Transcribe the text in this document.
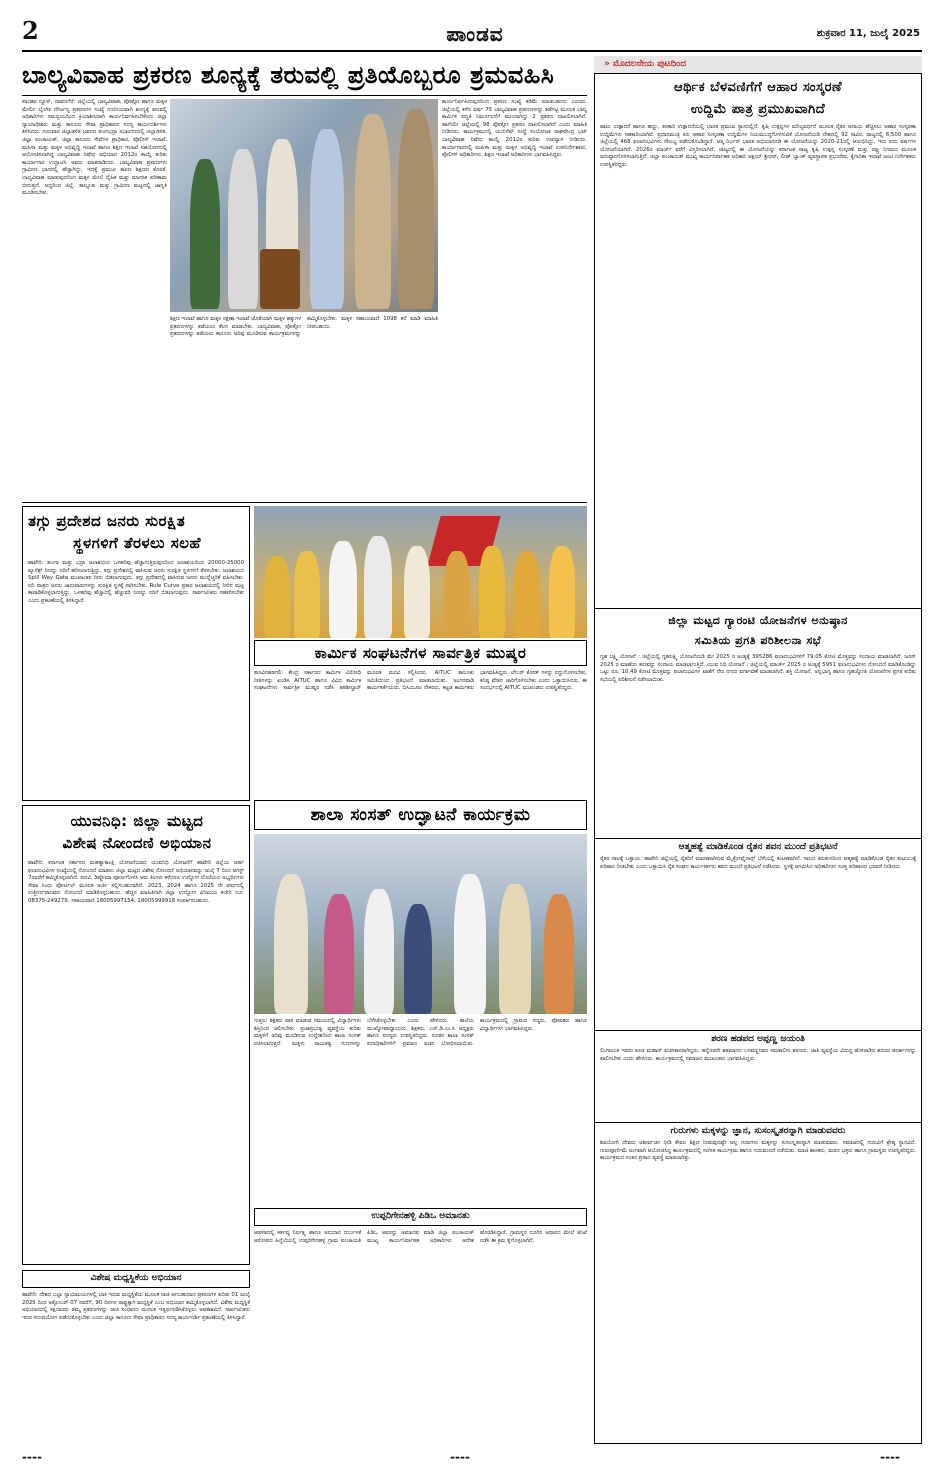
2	ಪಾಂಡವ	ಶುಕ್ರವಾರ 11, ಜುಲೈ 2025
ಬಾಲ್ಯವಿವಾಹ ಪ್ರಕರಣ ಶೂನ್ಯಕ್ಕೆ ತರುವಲ್ಲಿ ಪ್ರತಿಯೊಬ್ಬರೂ ಶ್ರಮವಹಿಸಿ
ಪಾಂಡವ ನ್ಯೂಸ್, ದಾವಣಗೆರೆ: ಜಿಲ್ಲೆಯಲ್ಲಿ ಬಾಲ್ಯವಿವಾಹ, ಪೋಕ್ಸೋ ಹಾಗೂ ಮಕ್ಕಳ ಮೇಲಿನ ಲೈಂಗಿಕ ದೌರ್ಜನ್ಯ ಪ್ರಕರಣಗಳ ಸಂಖ್ಯೆ ಗಣನೀಯವಾಗಿ ಶೂನ್ಯಕ್ಕೆ ತರುವಲ್ಲಿ ಅಧಿಕಾರಿಗಳು ಸಮನ್ವಯದಿಂದ ಕ್ರಿಯಾಶೀಲರಾಗಿ ಕಾರ್ಯನಿರ್ವಹಿಸಬೇಕೆಂದು ಜಿಲ್ಲಾ ನ್ಯಾಯಾಧೀಶರು ಮತ್ತು ಕಾನೂನು ಸೇವಾ ಪ್ರಾಧಿಕಾರದ ಸದಸ್ಯ ಕಾರ್ಯದರ್ಶಿಗಳು ತಿಳಿಸಿದರು. ಗುರುವಾರ ಜಿಲ್ಲಾಡಳಿತ ಭವನದ ತುಂಗಭದ್ರಾ ಸಭಾಂಗಣದಲ್ಲಿ ಜಿಲ್ಲಾಡಳಿತ, ಜಿಲ್ಲಾ ಪಂಚಾಯತ್, ಜಿಲ್ಲಾ ಕಾನೂನು ಸೇವೆಗಳ ಪ್ರಾಧಿಕಾರ, ಪೊಲೀಸ್ ಇಲಾಖೆ, ಮಹಿಳಾ ಮತ್ತು ಮಕ್ಕಳ ಅಭಿವೃದ್ಧಿ ಇಲಾಖೆ ಹಾಗೂ ಶಿಕ್ಷಣ ಇಲಾಖೆ ಸಹಯೋಗದಲ್ಲಿ ಆಯೋಜಿಸಲಾಗಿದ್ದ ಬಾಲ್ಯವಿವಾಹ ನಿಷೇಧ ಅಭಿಯಾನ 2012ರ ಕಾಯ್ದೆ ಕುರಿತು ಕಾರ್ಯಾಗಾರ ಉದ್ಘಾಟಿಸಿ ಅವರು ಮಾತನಾಡಿದರು. ಬಾಲ್ಯವಿವಾಹ ಪ್ರಕರಣಗಳು ಗ್ರಾಮೀಣ ಭಾಗದಲ್ಲಿ ಹೆಚ್ಚಾಗಿದ್ದು, ಇದಕ್ಕೆ ಪ್ರಮುಖ ಕಾರಣ ಶಿಕ್ಷಣದ ಕೊರತೆ. ಬಾಲ್ಯವಿವಾಹ ಮಾಡುವುದರಿಂದ ಮಕ್ಕಳ ಮೇಲೆ ದೈಹಿಕ ಮತ್ತು ಮಾನಸಿಕ ಪರಿಣಾಮ ಬೀರುತ್ತದೆ. ಅದ್ದರಿಂದ ಜಿಲ್ಲೆ, ತಾಲ್ಲೂಕು ಮತ್ತು ಗ್ರಾಮೀಣ ಮಟ್ಟದಲ್ಲಿ ಜಾಗೃತಿ ಮೂಡಿಸಬೇಕು.
ಶಿಕ್ಷಣ ಇಲಾಖೆ ಹಾಗೂ ಮಕ್ಕಳ ರಕ್ಷಣಾ ಇಲಾಖೆ ಜೊತೆಯಾಗಿ ಮಕ್ಕಳ ಹಕ್ಕುಗಳ ಪ್ರಕರಣಗಳನ್ನು ತಡೆಯಲು ಕೆಲಸ ಮಾಡಬೇಕು. ಬಾಲ್ಯವಿವಾಹ, ಪೋಕ್ಸೋ ಪ್ರಕರಣಗಳನ್ನು ತಡೆಯಲು ಕಾನೂನು ಅರಿವು ಮೂಡಿಸುವ ಕಾರ್ಯಕ್ರಮಗಳನ್ನು ಹಮ್ಮಿಕೊಳ್ಳಬೇಕು. ಮಕ್ಕಳ ಸಹಾಯವಾಣಿ 1098 ಕರೆ ಮಾಡಿ ಮಾಹಿತಿ ನೀಡಬಹುದು.
ಕಾರ್ಯನಿರ್ವಹಿಸುವುದರಿಂದ ಪ್ರಕರಣ ಸಂಖ್ಯೆ ಕಡಿಮೆ ಮಾಡಬಹುದು ಎಂದರು. ಜಿಲ್ಲೆಯಲ್ಲಿ ಕಳೆದ ವರ್ಷ 75 ಬಾಲ್ಯವಿವಾಹ ಪ್ರಕರಣಗಳನ್ನು ತಡೆಗಟ್ಟಿ ಮೂಲಕ ಬಾಲ್ಯ ಕಾರ್ಮಿಕ ಪದ್ಧತಿ ನಿರ್ಮೂಲನೆಗೆ ಮುಂದಾಗಿದ್ದು 2 ಪ್ರಕರಣ ದಾಖಲಿಸಲಾಗಿದೆ. ಹಾಗೆಯೇ ಜಿಲ್ಲೆಯಲ್ಲಿ 98 ಪೋಕ್ಸೋ ಪ್ರಕರಣ ದಾಖಲಿಸಲಾಗಿದೆ ಎಂದು ಮಾಹಿತಿ ನೀಡಿದರು. ಕಾರ್ಯಕ್ರಮದಲ್ಲಿ ಯುನಿಸೆಫ್ ಸಂಸ್ಥೆ ಸಂಯೋಜಕ ರಾಘವೇಂದ್ರ ಭಟ್ ಬಾಲ್ಯವಿವಾಹ ನಿಷೇಧ ಕಾಯ್ದೆ 2012ರ ಕುರಿತು ಉಪನ್ಯಾಸ ನೀಡಿದರು. ಕಾರ್ಯಾಗಾರದಲ್ಲಿ ಮಹಿಳಾ ಮತ್ತು ಮಕ್ಕಳ ಅಭಿವೃದ್ಧಿ ಇಲಾಖೆ ಉಪನಿರ್ದೇಶಕರು, ಪೊಲೀಸ್ ಅಧಿಕಾರಿಗಳು, ಶಿಕ್ಷಣ ಇಲಾಖೆ ಅಧಿಕಾರಿಗಳು ಭಾಗವಹಿಸಿದ್ದರು.
ತಗ್ಗು ಪ್ರದೇಶದ ಜನರು ಸುರಕ್ಷಿತ
ಸ್ಥಳಗಳಿಗೆ ತೆರಳಲು ಸಲಹೆ
ಹಾವೇರಿ: ತುಂಗಾ ಮತ್ತು ಭದ್ರಾ ಜಲಾಶಯದ ಒಳಹರಿವು ಹೆಚ್ಚಾಗುತ್ತಿರುವುದರಿಂದ ಜಲಾಶಯದಿಂದ 20000-25000 ಕ್ಯೂಸೆಕ್ಸ್ ನೀರನ್ನು ನದಿಗೆ ಹರಿಸಲಾಗುತ್ತಿದ್ದು, ತಗ್ಗು ಪ್ರದೇಶದಲ್ಲಿ ವಾಸಿಸುವ ಜನರು ಸುರಕ್ಷಿತ ಸ್ಥಳಗಳಿಗೆ ತೆರಳಬೇಕು. ಜಲಾಶಯದ Spill Way Gate ಮುಖಾಂತರ ನೀರು ಬಿಡಲಾಗುವುದು. ತಗ್ಗು ಪ್ರದೇಶದಲ್ಲಿ ವಾಸಿಸುವ ಜನರು ಮುನ್ನೆಚ್ಚರಿಕೆ ವಹಿಸಬೇಕು. ನದಿ ಪಾತ್ರದ ಜನರು ಜಾನುವಾರುಗಳನ್ನು ಸುರಕ್ಷಿತ ಸ್ಥಳಕ್ಕೆ ಸಾಗಿಸಬೇಕು. Rule Curve ಪ್ರಕಾರ ಜಲಾಶಯದಲ್ಲಿ ನೀರಿನ ಮಟ್ಟ ಕಾಪಾಡಿಕೊಳ್ಳಲಾಗುತ್ತಿದ್ದು, ಒಳಹರಿವು ಹೆಚ್ಚಾದಲ್ಲಿ ಹೆಚ್ಚುವರಿ ನೀರನ್ನು ನದಿಗೆ ಬಿಡಲಾಗುವುದು. ಸಾರ್ವಜನಿಕರು ಸಹಕರಿಸಬೇಕು ಎಂದು ಪ್ರಕಟಣೆಯಲ್ಲಿ ತಿಳಿಸಿದ್ದಾರೆ.
ಕಾರ್ಮಿಕ ಸಂಘಟನೆಗಳ ಸಾರ್ವತ್ರಿಕ ಮುಷ್ಕರ
ಹೂವಿನಹಡಗಲಿ: ಕೇಂದ್ರ ಸರ್ಕಾರದ ಕಾರ್ಮಿಕ ವಿರೋಧಿ ನೀತಿಗಳನ್ನು ಖಂಡಿಸಿ AITUC ಹಾಗೂ ವಿವಿಧ ಕಾರ್ಮಿಕ ಸಂಘಟನೆಗಳು ಸಾರ್ವತ್ರಿಕ ಮುಷ್ಕರ ನಡೆಸಿ ತಹಶೀಲ್ದಾರ್ ಮೂಲಕ ಮನವಿ ಸಲ್ಲಿಸಿದರು. AITUC ತಾಲೂಕು ಸಮಿತಿಯಿಂದ ಪ್ರತಿಭಟನೆ ಮಾಡಲಾಯಿತು. ಅಂಗನವಾಡಿ ಕಾರ್ಯಕರ್ತೆಯರು, ಬಿಸಿಯೂಟ ನೌಕರರು, ಕಟ್ಟಡ ಕಾರ್ಮಿಕರು ಭಾಗವಹಿಸಿದ್ದರು. ಲೇಬರ್ ಕೋಡ್ ಗಳನ್ನು ರದ್ದುಗೊಳಿಸಬೇಕು, ಕನಿಷ್ಠ ವೇತನ ಜಾರಿಗೊಳಿಸಬೇಕು ಎಂದು ಒತ್ತಾಯಿಸಿದರು. ಈ ಸಂದರ್ಭದಲ್ಲಿ AITUC ಮುಖಂಡರು ಉಪಸ್ಥಿತರಿದ್ದರು.
ಯುವನಿಧಿ: ಜಿಲ್ಲಾ ಮಟ್ಟದ
ವಿಶೇಷ ನೋಂದಣಿ ಅಭಿಯಾನ
ಹಾವೇರಿ: ಕರ್ನಾಟಕ ಸರ್ಕಾರದ ಮಹತ್ವಾಕಾಂಕ್ಷಿ ಯೋಜನೆಯಾದ ಯುವನಿಧಿ ಯೋಜನೆಗೆ ಹಾವೇರಿ ಜಿಲ್ಲೆಯ ಅರ್ಹ ಫಲಾನುಭವಿಗಳ ಸಂಖ್ಯೆಯಲ್ಲಿ ನೋಂದಣಿ ಮಾಡಲು ಜಿಲ್ಲಾ ಮಟ್ಟದ ವಿಶೇಷ ನೋಂದಣಿ ಅಭಿಯಾನವನ್ನು ಜುಲೈ 7 ರಿಂದ ಆಗಸ್ಟ್ 7ರವರೆಗೆ ಹಮ್ಮಿಕೊಳ್ಳಲಾಗಿದೆ. ಪದವಿ, ಡಿಪ್ಲೊಮಾ ಪೂರ್ಣಗೊಳಿಸಿ ಆರು ತಿಂಗಳು ಕಳೆದರೂ ಉದ್ಯೋಗ ದೊರೆಯದ ಅಭ್ಯರ್ಥಿಗಳು ಸೇವಾ ಸಿಂಧು ಪೋರ್ಟಲ್ ಮೂಲಕ ಅರ್ಜಿ ಸಲ್ಲಿಸಬಹುದಾಗಿದೆ. 2023, 2024 ಹಾಗೂ 2025 ನೇ ವರ್ಷದಲ್ಲಿ ಉತ್ತೀರ್ಣರಾದವರು ನೋಂದಣಿ ಮಾಡಿಕೊಳ್ಳಬಹುದು. ಹೆಚ್ಚಿನ ಮಾಹಿತಿಗಾಗಿ ಜಿಲ್ಲಾ ಉದ್ಯೋಗ ವಿನಿಮಯ ಕಚೇರಿ ದೂ: 08375-249279, ಸಹಾಯವಾಣಿ 18005997154, 18005999918 ಸಂಪರ್ಕಿಸಬಹುದು.
ವಿಶೇಷ ಮಧ್ಯಸ್ಥಿಕೆಯ ಅಭಿಯಾನ
ಹಾವೇರಿ: ದೇಶದ ಎಲ್ಲಾ ನ್ಯಾಯಾಲಯಗಳಲ್ಲಿ ಬಾಕಿ ಇರುವ ಮಧ್ಯಸ್ಥಿಕೆಯ ಮೂಲಕ ರಾಜಿ ಆಗಬಹುದಾದ ಪ್ರಕರಣಗಳ ಕುರಿತು 01 ಜುಲೈ 2025 ರಿಂದ ಅಕ್ಟೋಬರ್ 07 ರವರೆಗೆ, 90 ದಿನಗಳ ರಾಷ್ಟ್ರಕ್ಕಾಗಿ ಮಧ್ಯಸ್ಥಿಕೆ ಎಂಬ ಅಭಿಯಾನ ಹಮ್ಮಿಕೊಳ್ಳಲಾಗಿದೆ. ವಿಶೇಷ ಮಧ್ಯಸ್ಥಿಕೆ ಅಭಿಯಾನದಲ್ಲಿ ಕಕ್ಷಿದಾರರು ತಮ್ಮ ಪ್ರಕರಣಗಳನ್ನು ರಾಜಿ ಸಂಧಾನದ ಮೂಲಕ ಇತ್ಯರ್ಥಪಡಿಸಿಕೊಳ್ಳಲು ಅವಕಾಶವಿದೆ. ಸಾರ್ವಜನಿಕರು ಇದರ ಸದುಪಯೋಗ ಪಡೆದುಕೊಳ್ಳಬೇಕು ಎಂದು ಜಿಲ್ಲಾ ಕಾನೂನು ಸೇವಾ ಪ್ರಾಧಿಕಾರದ ಸದಸ್ಯ ಕಾರ್ಯದರ್ಶಿ ಪ್ರಕಟಣೆಯಲ್ಲಿ ತಿಳಿಸಿದ್ದಾರೆ.
ಶಾಲಾ ಸಂಸತ್ ಉದ್ಘಾಟನೆ ಕಾರ್ಯಕ್ರಮ
ಗುತ್ತಲ: ಶಿಕ್ಷಕರು ಪಾಠ ಮಾಡುವ ಸಮಯದಲ್ಲಿ ವಿದ್ಯಾರ್ಥಿಗಳು ಶಿಸ್ತಿನಿಂದ ಆಲಿಸಬೇಕು. ಪ್ರಜಾಪ್ರಭುತ್ವ ವ್ಯವಸ್ಥೆಯ ಕುರಿತು ಮಕ್ಕಳಿಗೆ ಅರಿವು ಮೂಡಿಸುವ ಉದ್ದೇಶದಿಂದ ಶಾಲಾ ಸಂಸತ್ ರಚಿಸಲಾಗುತ್ತದೆ. ಮಕ್ಕಳು ನಾಯಕತ್ವ ಗುಣಗಳನ್ನು ಬೆಳೆಸಿಕೊಳ್ಳಬೇಕು ಎಂದು ಹೇಳಿದರು. ಶಾಲೆಯ ಮುಖ್ಯೋಪಾಧ್ಯಾಯರು, ಶಿಕ್ಷಕರು, ಎಸ್.ಡಿ.ಎಂ.ಸಿ ಅಧ್ಯಕ್ಷರು ಹಾಗೂ ಸದಸ್ಯರು ಉಪಸ್ಥಿತರಿದ್ದರು. ನೂತನ ಶಾಲಾ ಸಂಸತ್ ಪದಾಧಿಕಾರಿಗಳಿಗೆ ಪ್ರಮಾಣ ವಚನ ಬೋಧಿಸಲಾಯಿತು. ಕಾರ್ಯಕ್ರಮದಲ್ಲಿ ಗ್ರಾಮದ ಗಣ್ಯರು, ಪೋಷಕರು ಹಾಗೂ ವಿದ್ಯಾರ್ಥಿಗಳು ಭಾಗವಹಿಸಿದ್ದರು.
ಉಪ್ಪರಿಗೇನಹಳ್ಳಿ ಪಿಡಿಒ ಅಮಾನತು
ಆಡಳಿತದಲ್ಲಿ ಕರ್ತವ್ಯ ನಿರ್ಲಕ್ಷ್ಯ ಹಾಗೂ ಅನುದಾನ ದುರ್ಬಳಕೆ ಆರೋಪದ ಹಿನ್ನೆಲೆಯಲ್ಲಿ ಉಪ್ಪರಿಗೇನಹಳ್ಳಿ ಗ್ರಾಮ ಪಂಚಾಯತಿ ಪಿಡಿಒ ಅವರನ್ನು ಅಮಾನತು ಮಾಡಿ ಜಿಲ್ಲಾ ಪಂಚಾಯತ್ ಮುಖ್ಯ ಕಾರ್ಯನಿರ್ವಾಹಕ ಅಧಿಕಾರಿಗಳು ಆದೇಶ ಹೊರಡಿಸಿದ್ದಾರೆ. ಗ್ರಾಮಸ್ಥರ ದೂರಿನ ಆಧಾರದ ಮೇಲೆ ತನಿಖೆ ನಡೆಸಿ ಈ ಕ್ರಮ ಕೈಗೊಳ್ಳಲಾಗಿದೆ.
» ಮೊದಲನೇಯ ಪುಟದಿಂದ
ಆರ್ಥಿಕ ಬೆಳವಣಿಗೆಗೆ ಆಹಾರ ಸಂಸ್ಕರಣೆ
ಉದ್ದಿಮೆ ಪಾತ್ರ ಪ್ರಮುಖವಾಗಿದೆ
ಹಾಲು ಉತ್ಪಾದನೆ ಹಾಗೂ ಹಣ್ಣು, ತರಕಾರಿ ಉತ್ಪಾದನೆಯಲ್ಲಿ ಭಾರತ ಪ್ರಮುಖ ಸ್ಥಾನದಲ್ಲಿದೆ. ಕೃಷಿ ಉತ್ಪನ್ನಗಳ ಮೌಲ್ಯವರ್ಧನೆ ಮೂಲಕ ರೈತರ ಆದಾಯ ಹೆಚ್ಚಿಸಲು ಆಹಾರ ಸಂಸ್ಕರಣಾ ಉದ್ದಿಮೆಗಳು ಸಹಕಾರಿಯಾಗಿವೆ. ಪ್ರಧಾನಮಂತ್ರಿ ಕಿರು ಆಹಾರ ಸಂಸ್ಕರಣಾ ಉದ್ದಿಮೆಗಳ ನಿಯಮಬದ್ಧಗೊಳಿಸುವಿಕೆ ಯೋಜನೆಯಡಿ ದೇಶದಲ್ಲಿ 92 ಸಾವಿರ, ರಾಜ್ಯದಲ್ಲಿ 6,500 ಹಾಗೂ ಜಿಲ್ಲೆಯಲ್ಲಿ 468 ಫಲಾನುಭವಿಗಳು ಸೌಲಭ್ಯ ಪಡೆದುಕೊಂಡಿದ್ದಾರೆ. ಆತ್ಮ ನಿರ್ಭರ್ ಭಾರತ ಅಭಿಯಾನದಡಿ ಈ ಯೋಜನೆಯನ್ನು 2020-21ರಲ್ಲಿ ಆರಂಭಿಸಿದ್ದು, ಇದು ಐದು ವರ್ಷಗಳ ಯೋಜನೆಯಾಗಿದೆ. 2026ರ ಮಾರ್ಚ್ ವರೆಗೆ ವಿಸ್ತರಿಸಲಾಗಿದೆ. ರಾಜ್ಯದಲ್ಲಿ ಈ ಯೋಜನೆಯನ್ನು ಕರ್ನಾಟಕ ರಾಜ್ಯ ಕೃಷಿ ಉತ್ಪನ್ನ ಸಂಸ್ಕರಣೆ ಮತ್ತು ರಫ್ತು ನಿಗಮದ ಮೂಲಕ ಅನುಷ್ಠಾನಗೊಳಿಸಲಾಗುತ್ತಿದೆ. ಜಿಲ್ಲಾ ಪಂಚಾಯತ್ ಮುಖ್ಯ ಕಾರ್ಯನಿರ್ವಾಹಕ ಅಧಿಕಾರಿ ಅಕ್ಷಯ್ ಶ್ರೀಧರ್, ಲೀಡ್ ಬ್ಯಾಂಕ್ ವ್ಯವಸ್ಥಾಪಕ ಪ್ರಭುದೇವ, ಕೈಗಾರಿಕಾ ಇಲಾಖೆ ಜಂಟಿ ನಿರ್ದೇಶಕರು ಉಪಸ್ಥಿತರಿದ್ದರು.
ಜಿಲ್ಲಾ ಮಟ್ಟದ ಗ್ಯಾರಂಟಿ ಯೋಜನೆಗಳ ಅನುಷ್ಠಾನ
ಸಮಿತಿಯ ಪ್ರಗತಿ ಪರಿಶೀಲನಾ ಸಭೆ
ಗೃಹ ಲಕ್ಷ್ಮಿ ಯೋಜನೆ : ಜಿಲ್ಲೆಯಲ್ಲಿ ಗೃಹಲಕ್ಷ್ಮಿ ಯೋಜನೆಯಡಿ ಮೇ 2025 ರ ಅಂತ್ಯಕ್ಕೆ 395286 ಫಲಾನುಭವಿಗಳಿಗೆ 79.05 ಕೋಟಿ ಮೊತ್ತವನ್ನು ಸಂದಾಯ ಮಾಡಲಾಗಿದೆ. ಜೂನ್ 2025 ರ ಮಾಹೆಯ ಹಣವನ್ನು ಸಂದಾಯ ಮಾಡಲಾಗುತ್ತಿದೆ. ಯುವ ನಿಧಿ ಯೋಜನೆ : ಜಿಲ್ಲೆಯಲ್ಲಿ ಮಾರ್ಚ್ 2025 ರ ಅಂತ್ಯಕ್ಕೆ 5951 ಫಲಾನುಭವಿಗಳು ನೋಂದಣಿ ಮಾಡಿಕೊಂಡಿದ್ದು ಒಟ್ಟು ರೂ. 10.49 ಕೋಟಿ ಮೊತ್ತವನ್ನು ಫಲಾನುಭವಿಗಳ ಖಾತೆಗೆ ನೇರ ನಗದು ವರ್ಗಾವಣೆ ಮಾಡಲಾಗಿದೆ. ಶಕ್ತಿ ಯೋಜನೆ, ಅನ್ನಭಾಗ್ಯ ಹಾಗೂ ಗೃಹಜ್ಯೋತಿ ಯೋಜನೆಗಳ ಪ್ರಗತಿ ಕುರಿತು ಸಭೆಯಲ್ಲಿ ಪರಿಶೀಲನೆ ನಡೆಸಲಾಯಿತು.
ಆತ್ಮಹತ್ಯೆ ಮಾಡಿಕೊಂಡ ರೈತನ ಶವನ ಮುಂದೆ ಪ್ರತಿಭಟನೆ
ರೈತರ ಸಾಲಕ್ಕೆ ಒತ್ತಾಯ: ಹಾವೇರಿ ಜಿಲ್ಲೆಯಲ್ಲಿ ರೈತರಿಗೆ ಮಾರಕವಾಗಿರುವ ಮೈಕ್ರೋಫೈನಾನ್ಸ್ ಬೆಳೆಯಲ್ಲಿ ಕಂಟಕವಾಗಿದೆ. ಸಾಲದ ಕಿರುಕುಳದಿಂದ ಆತ್ಮಹತ್ಯೆ ಮಾಡಿಕೊಂಡ ರೈತನ ಕುಟುಂಬಕ್ಕೆ ಪರಿಹಾರ ನೀಡಬೇಕು ಎಂದು ಒತ್ತಾಯಿಸಿ ರೈತ ಸಂಘದ ಕಾರ್ಯಕರ್ತರು ಶವದ ಮುಂದೆ ಪ್ರತಿಭಟನೆ ನಡೆಸಿದರು. ಸ್ಥಳಕ್ಕೆ ಆಗಮಿಸಿದ ಅಧಿಕಾರಿಗಳು ಸೂಕ್ತ ಪರಿಹಾರದ ಭರವಸೆ ನೀಡಿದರು.
ಶರಣ ಹಡಪದ ಅಪ್ಪಣ್ಣ ಜಯಂತಿ
ಲಿಂಗಾಯತ ಇವರು ಕೂಡ ಮಹಾನ್ ವಚನಕಾರರಾಗಿದ್ದರು. ಹನ್ನೆರಡನೇ ಶತಮಾನದ ಬಸವಣ್ಣನವರ ಸಮಕಾಲೀನ ಶರಣರು. ಜಾತಿ ವ್ಯವಸ್ಥೆಯ ವಿರುದ್ಧ ಹೋರಾಡಿದ ಶರಣರ ಆದರ್ಶಗಳನ್ನು ಪಾಲಿಸಬೇಕು ಎಂದು ಹೇಳಿದರು. ಕಾರ್ಯಕ್ರಮದಲ್ಲಿ ಸಮಾಜದ ಮುಖಂಡರು ಭಾಗವಹಿಸಿದ್ದರು.
ಗುರುಗಳು ಮಕ್ಕಳನ್ನು ಜ್ಞಾನ, ಸುಸಂಸ್ಕೃತರನ್ನಾಗಿ ಮಾಡುವವರು
ಶಿವಯೋಗಿ ದೇವರು ಅಶೀರ್ವಚನ ನೀಡಿ ಕೇವಲ ಶಿಕ್ಷಣ ನೀಡುವುದಷ್ಟೇ ಅಲ್ಲ ಗುರುಗಳು ಮಕ್ಕಳನ್ನು ಸುಸಂಸ್ಕೃತರನ್ನಾಗಿ ಮಾಡುವವರು. ಸಮಾಜದಲ್ಲಿ ಗುರುವಿಗೆ ಶ್ರೇಷ್ಠ ಸ್ಥಾನವಿದೆ. ಗುರುಪೂರ್ಣಿಮೆ ಅಂಗವಾಗಿ ಆಯೋಜಿಸಿದ್ದ ಕಾರ್ಯಕ್ರಮದಲ್ಲಿ ಸಂಗೀತ ಕಾರ್ಯಕ್ರಮ ಹಾಗೂ ಗುರುವಂದನೆ ನಡೆಯಿತು. ಮಾಜಿ ಶಾಸಕರು, ಮಠದ ಭಕ್ತರು ಹಾಗೂ ಗ್ರಾಮಸ್ಥರು ಉಪಸ್ಥಿತರಿದ್ದರು. ಕಾರ್ಯಕ್ರಮದ ನಂತರ ಪ್ರಸಾದ ವ್ಯವಸ್ಥೆ ಮಾಡಲಾಗಿತ್ತು.
----	----	----
